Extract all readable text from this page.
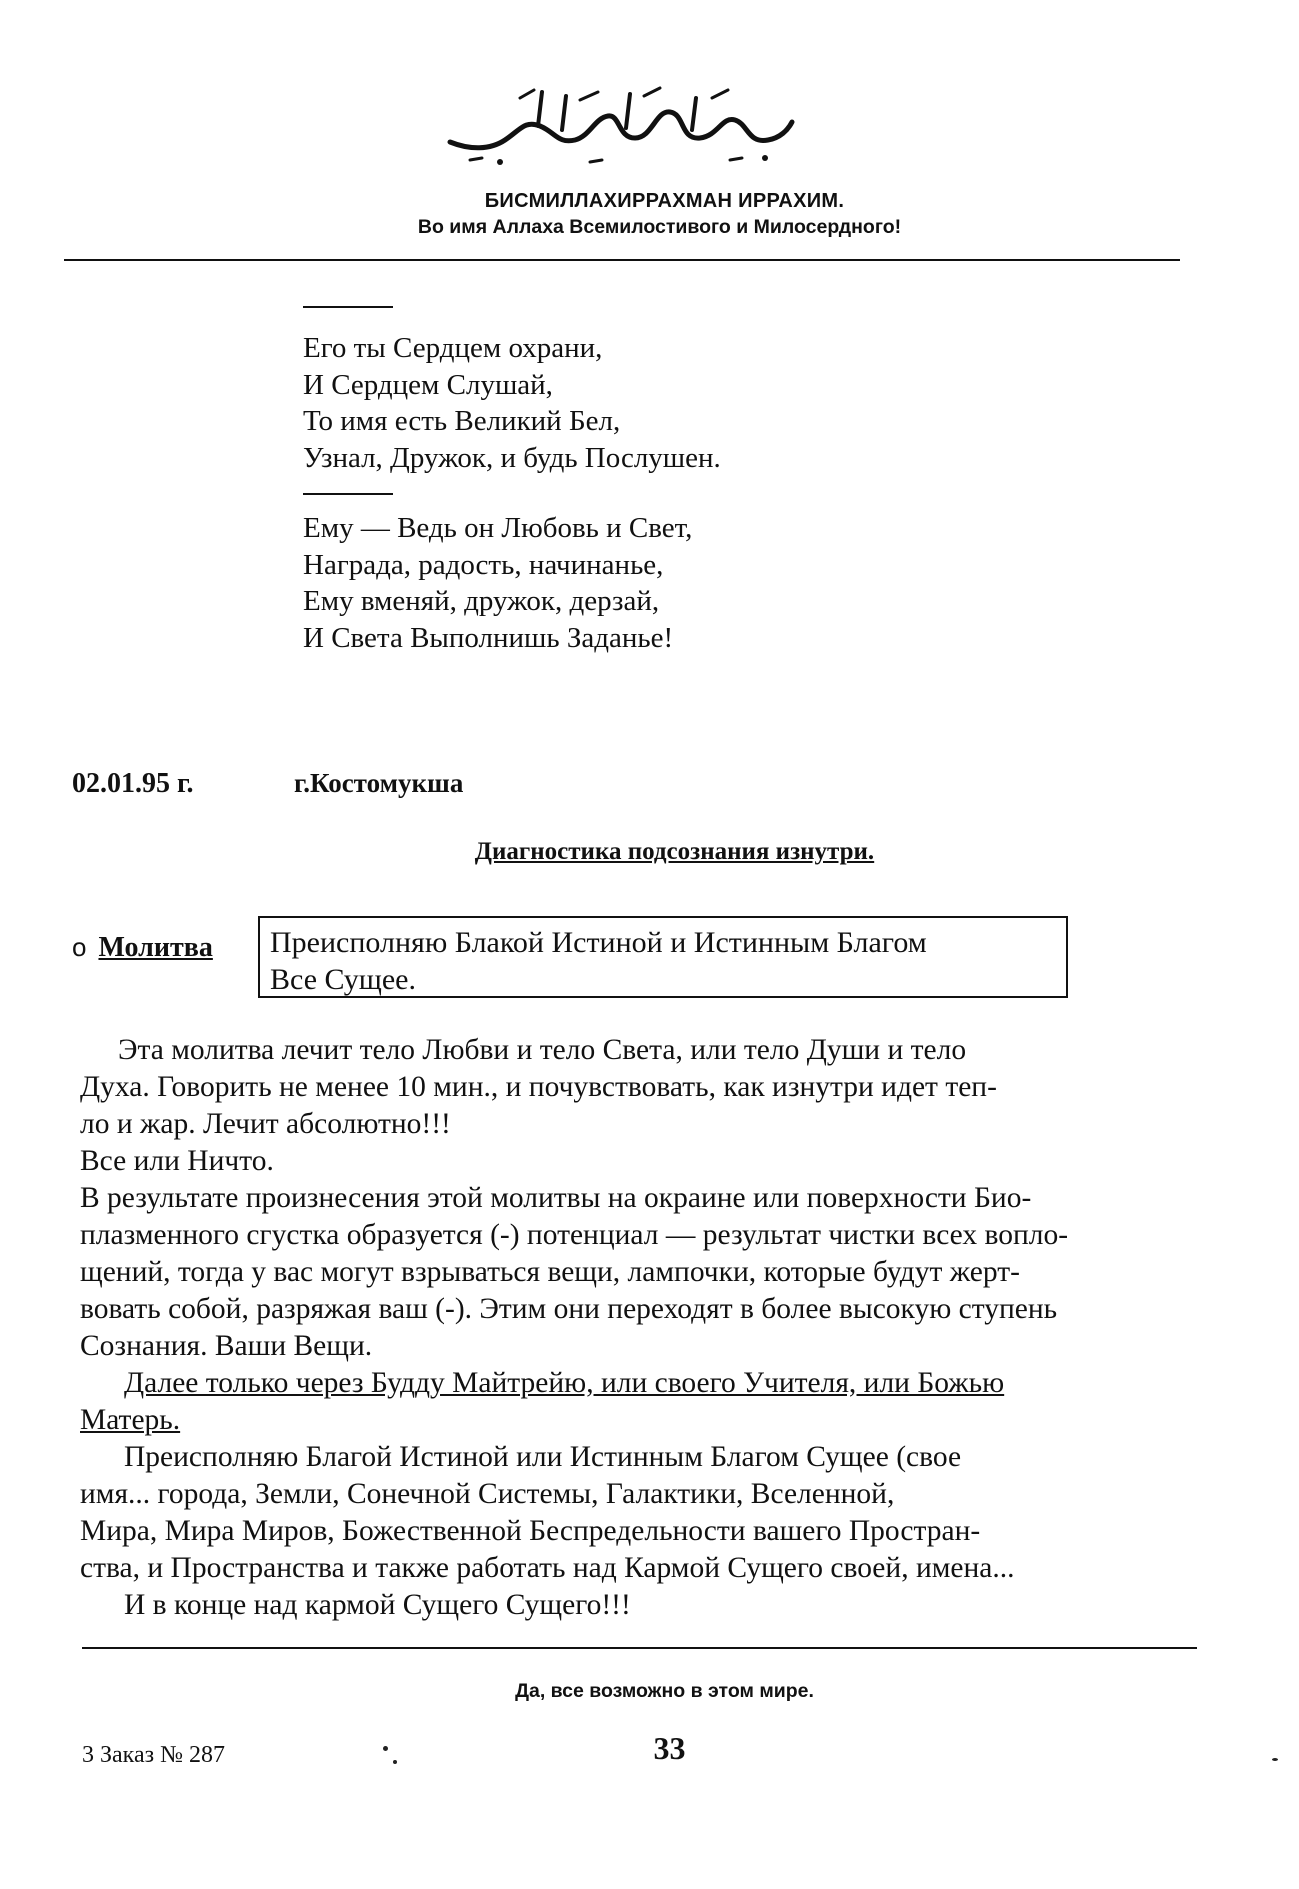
БИСМИЛЛАХИРРАХМАН ИРРАХИМ.
Во имя Аллаха Всемилостивого и Милосердного!
Его ты Сердцем охрани,
И Сердцем Слушай,
То имя есть Великий Бел,
Узнал, Дружок, и будь Послушен.
Ему — Ведь он Любовь и Свет,
Награда, радость, начинанье,
Ему вменяй, дружок, дерзай,
И Света Выполнишь Заданье!
02.01.95 г.	г.Костомукша
Диагностика подсознания изнутри.
o Молитва Преисполняю Блакой Истиной и Истинным Благом
Все Сущее.
Эта молитва лечит тело Любви и тело Света, или тело Души и тело
Духа. Говорить не менее 10 мин., и почувствовать, как изнутри идет теп-
ло и жар. Лечит абсолютно!!!
Все или Ничто.
В результате произнесения этой молитвы на окраине или поверхности Био-
плазменного сгустка образуется (-) потенциал — результат чистки всех вопло-
щений, тогда у вас могут взрываться вещи, лампочки, которые будут жерт-
вовать собой, разряжая ваш (-). Этим они переходят в более высокую ступень
Сознания. Ваши Вещи.
Далее только через Будду Майтрейю, или своего Учителя, или Божью
Матерь.
Преисполняю Благой Истиной или Истинным Благом Сущее (свое
имя... города, Земли, Сонечной Системы, Галактики, Вселенной,
Мира, Мира Миров, Божественной Беспредельности вашего Простран-
ства, и Пространства и также работать над Кармой Сущего своей, имена...
И в конце над кармой Сущего Сущего!!!
Да, все возможно в этом мире.
3 Заказ № 287	33
